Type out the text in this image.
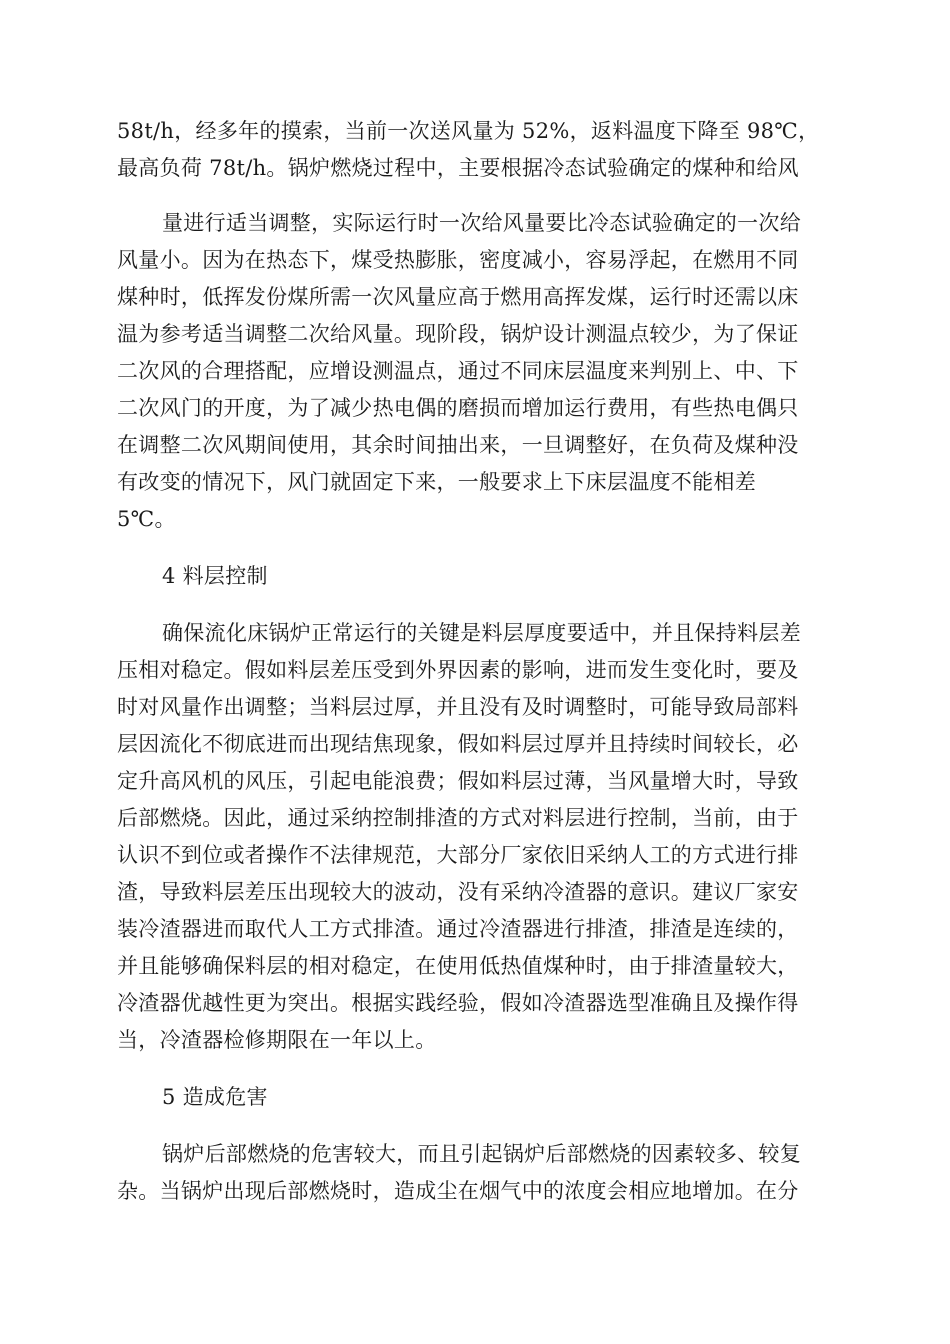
58t/h，经多年的摸索，当前一次送风量为 52%，返料温度下降至 98℃，
最高负荷 78t/h。锅炉燃烧过程中，主要根据冷态试验确定的煤种和给风
量进行适当调整，实际运行时一次给风量要比冷态试验确定的一次给
风量小。因为在热态下，煤受热膨胀，密度减小，容易浮起，在燃用不同
煤种时，低挥发份煤所需一次风量应高于燃用高挥发煤，运行时还需以床
温为参考适当调整二次给风量。现阶段，锅炉设计测温点较少，为了保证
二次风的合理搭配，应增设测温点，通过不同床层温度来判别上、中、下
二次风门的开度，为了减少热电偶的磨损而增加运行费用，有些热电偶只
在调整二次风期间使用，其余时间抽出来，一旦调整好，在负荷及煤种没
有改变的情况下，风门就固定下来，一般要求上下床层温度不能相差
5℃。
4 料层控制
确保流化床锅炉正常运行的关键是料层厚度要适中，并且保持料层差
压相对稳定。假如料层差压受到外界因素的影响，进而发生变化时，要及
时对风量作出调整；当料层过厚，并且没有及时调整时，可能导致局部料
层因流化不彻底进而出现结焦现象，假如料层过厚并且持续时间较长，必
定升高风机的风压，引起电能浪费；假如料层过薄，当风量增大时，导致
后部燃烧。因此，通过采纳控制排渣的方式对料层进行控制，当前，由于
认识不到位或者操作不法律规范，大部分厂家依旧采纳人工的方式进行排
渣，导致料层差压出现较大的波动，没有采纳冷渣器的意识。建议厂家安
装冷渣器进而取代人工方式排渣。通过冷渣器进行排渣，排渣是连续的，
并且能够确保料层的相对稳定，在使用低热值煤种时，由于排渣量较大，
冷渣器优越性更为突出。根据实践经验，假如冷渣器选型准确且及操作得
当，冷渣器检修期限在一年以上。
5 造成危害
锅炉后部燃烧的危害较大，而且引起锅炉后部燃烧的因素较多、较复
杂。当锅炉出现后部燃烧时，造成尘在烟气中的浓度会相应地增加。在分
